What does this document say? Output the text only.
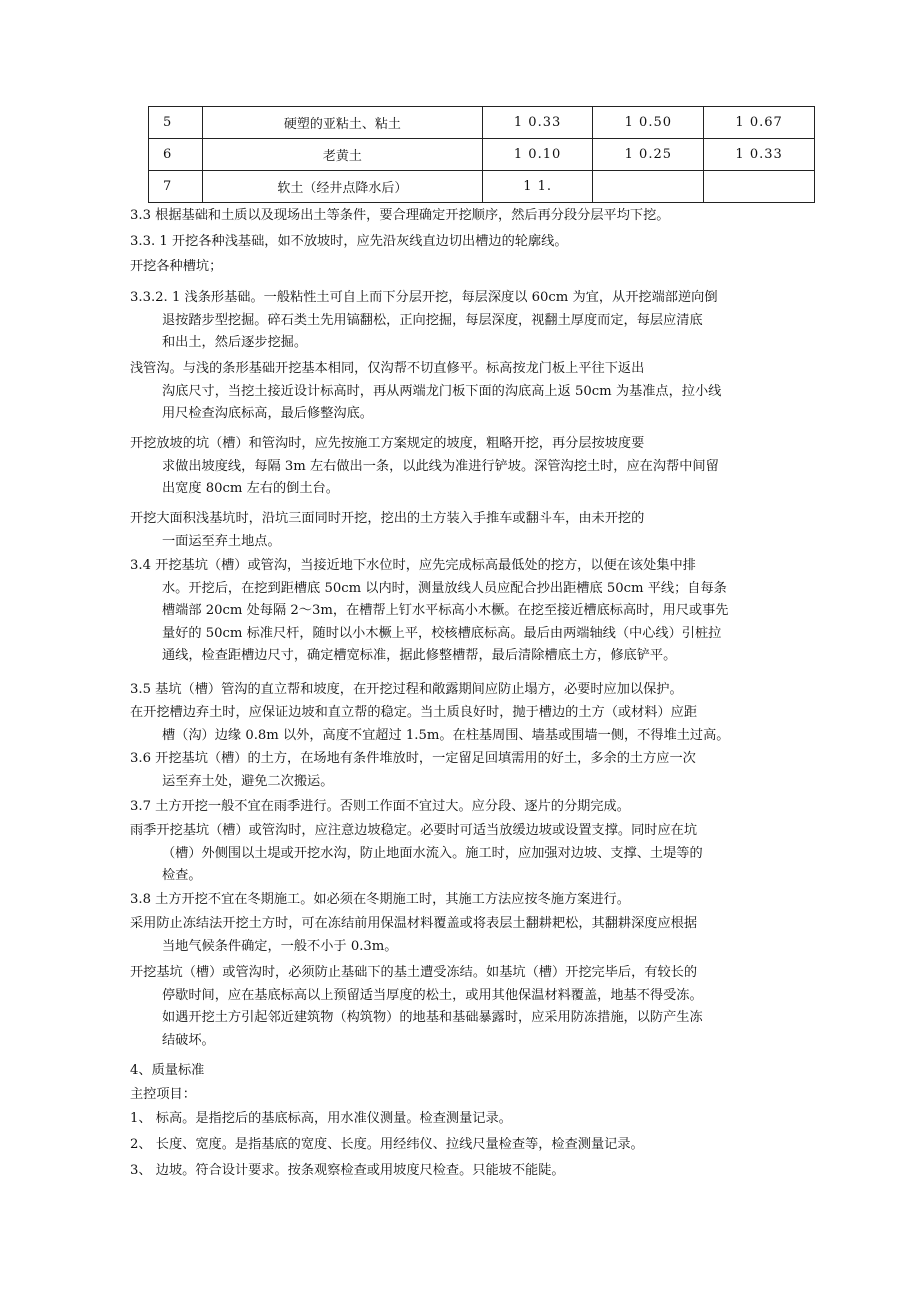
5	硬塑的亚粘土、粘土	1 0.33	1 0.50	1 0.67
6	老黄土	1 0.10	1 0.25	1 0.33
7	软土（经井点降水后）	1 1.		

3.3 根据基础和土质以及现场出土等条件，要合理确定开挖顺序，然后再分段分层平均下挖。

3.3. 1 开挖各种浅基础，如不放坡时，应先沿灰线直边切出槽边的轮廓线。

开挖各种槽坑；

3.3.2. 1 浅条形基础。一般粘性土可自上而下分层开挖，每层深度以 60cm 为宜，从开挖端部逆向倒
退按踏步型挖掘。碎石类土先用镐翻松，正向挖掘，每层深度，视翻土厚度而定，每层应清底
和出土，然后逐步挖掘。

浅管沟。与浅的条形基础开挖基本相同，仅沟帮不切直修平。标高按龙门板上平往下返出
沟底尺寸，当挖土接近设计标高时，再从两端龙门板下面的沟底高上返 50cm 为基准点，拉小线
用尺检查沟底标高，最后修整沟底。

开挖放坡的坑（槽）和管沟时，应先按施工方案规定的坡度，粗略开挖，再分层按坡度要
求做出坡度线，每隔 3m 左右做出一条，以此线为准进行铲坡。深管沟挖土时，应在沟帮中间留
出宽度 80cm 左右的倒土台。

开挖大面积浅基坑时，沿坑三面同时开挖，挖出的土方装入手推车或翻斗车，由未开挖的
一面运至弃土地点。

3.4 开挖基坑（槽）或管沟，当接近地下水位时，应先完成标高最低处的挖方，以便在该处集中排
水。开挖后，在挖到距槽底 50cm 以内时，测量放线人员应配合抄出距槽底 50cm 平线；自每条
槽端部 20cm 处每隔 2～3m，在槽帮上钉水平标高小木橛。在挖至接近槽底标高时，用尺或事先
量好的 50cm 标准尺杆，随时以小木橛上平，校核槽底标高。最后由两端轴线（中心线）引桩拉
通线，检查距槽边尺寸，确定槽宽标准，据此修整槽帮，最后清除槽底土方，修底铲平。

3.5 基坑（槽）管沟的直立帮和坡度，在开挖过程和敞露期间应防止塌方，必要时应加以保护。

在开挖槽边弃土时，应保证边坡和直立帮的稳定。当土质良好时，抛于槽边的土方（或材料）应距
槽（沟）边缘 0.8m 以外，高度不宜超过 1.5m。在柱基周围、墙基或围墙一侧，不得堆土过高。

3.6 开挖基坑（槽）的土方，在场地有条件堆放时，一定留足回填需用的好土，多余的土方应一次
运至弃土处，避免二次搬运。

3.7 土方开挖一般不宜在雨季进行。否则工作面不宜过大。应分段、逐片的分期完成。

雨季开挖基坑（槽）或管沟时，应注意边坡稳定。必要时可适当放缓边坡或设置支撑。同时应在坑
（槽）外侧围以土堤或开挖水沟，防止地面水流入。施工时，应加强对边坡、支撑、土堤等的
检查。

3.8 土方开挖不宜在冬期施工。如必须在冬期施工时，其施工方法应按冬施方案进行。

采用防止冻结法开挖土方时，可在冻结前用保温材料覆盖或将表层土翻耕耙松，其翻耕深度应根据
当地气候条件确定，一般不小于 0.3m。

开挖基坑（槽）或管沟时，必须防止基础下的基土遭受冻结。如基坑（槽）开挖完毕后，有较长的
停歇时间，应在基底标高以上预留适当厚度的松土，或用其他保温材料覆盖，地基不得受冻。
如遇开挖土方引起邻近建筑物（构筑物）的地基和基础暴露时，应采用防冻措施，以防产生冻
结破坏。

4、质量标准

主控项目：

1、 标高。是指挖后的基底标高，用水准仪测量。检查测量记录。

2、 长度、宽度。是指基底的宽度、长度。用经纬仪、拉线尺量检查等，检查测量记录。

3、 边坡。符合设计要求。按条观察检查或用坡度尺检查。只能坡不能陡。
